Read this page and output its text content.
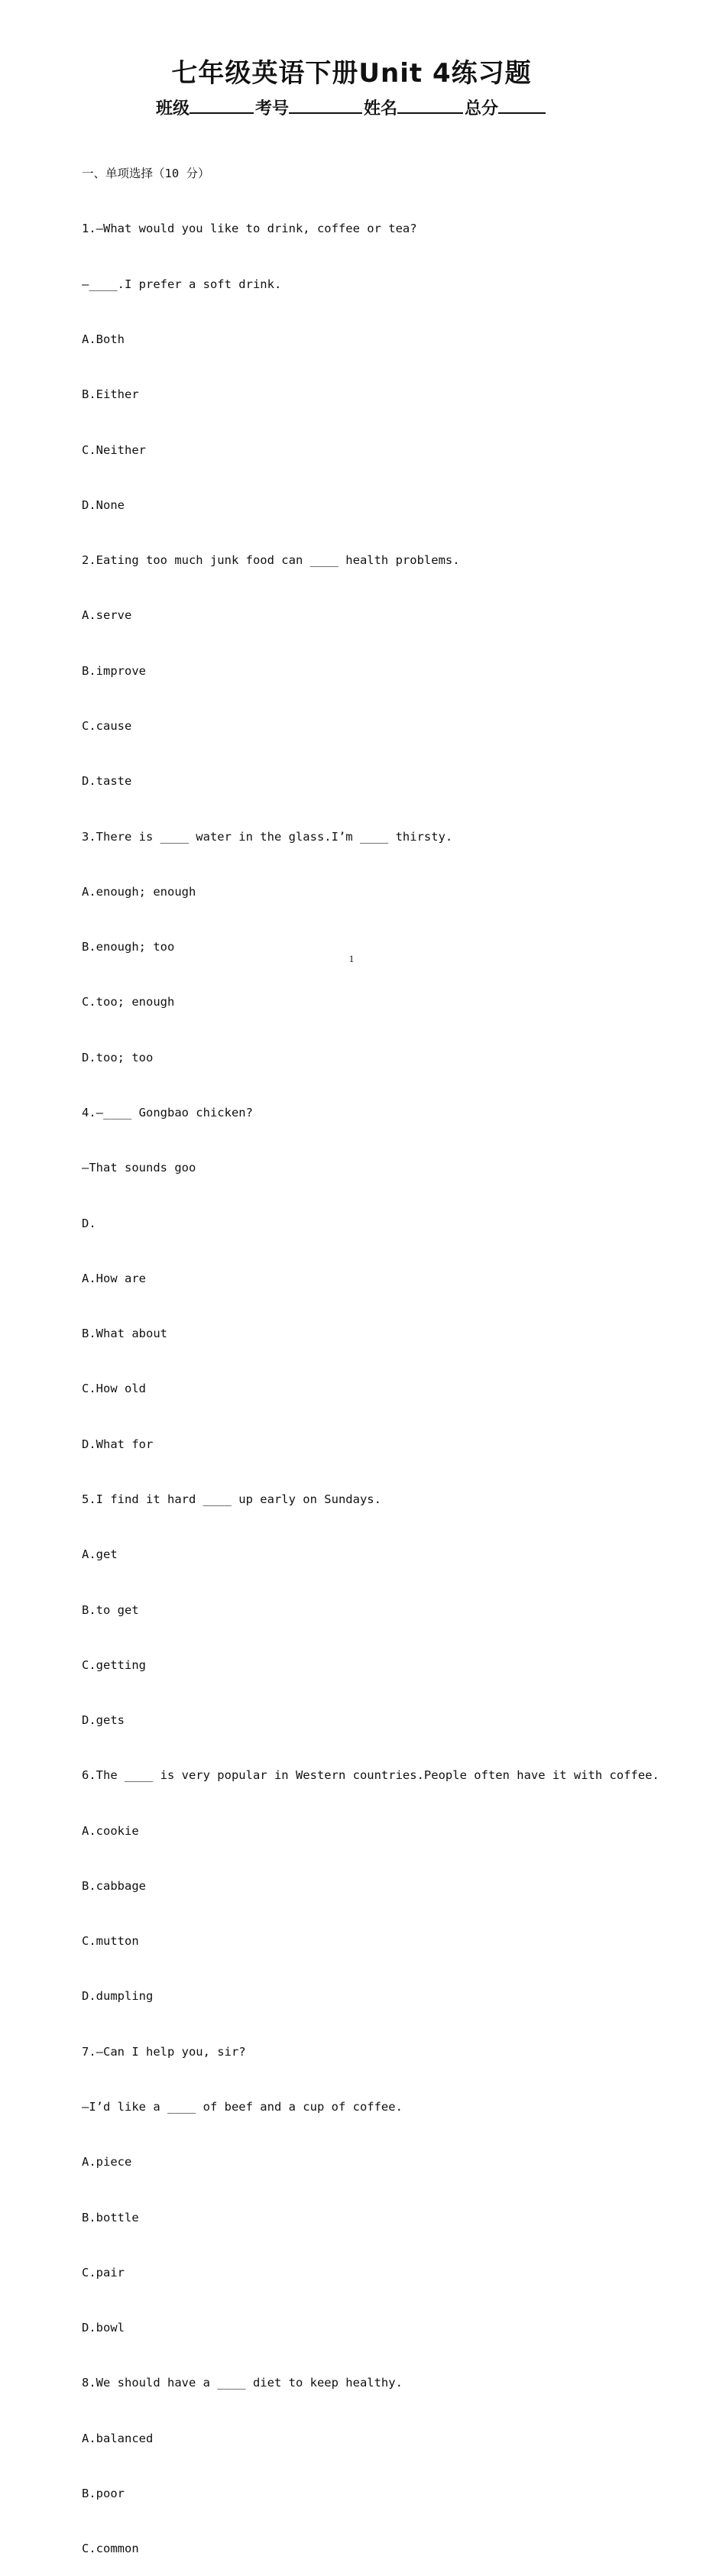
七年级英语下册Unit 4练习题
班级	考号	姓名	总分

一、单项选择（10 分）

1.—What would you like to drink, coffee or tea?

—____.I prefer a soft drink.

A.Both

B.Either

C.Neither

D.None

2.Eating too much junk food can ____ health problems.

A.serve

B.improve

C.cause

D.taste

3.There is ____ water in the glass.I’m ____ thirsty.

A.enough; enough

B.enough; too

C.too; enough

D.too; too

4.—____ Gongbao chicken?

—That sounds goo

D.

A.How are

B.What about

C.How old

D.What for

5.I find it hard ____ up early on Sundays.

A.get

B.to get

C.getting

D.gets

6.The ____ is very popular in Western countries.People often have it with coffee.

A.cookie

B.cabbage

C.mutton

D.dumpling

7.—Can I help you, sir?

—I’d like a ____ of beef and a cup of coffee.

A.piece

B.bottle

C.pair

D.bowl

8.We should have a ____ diet to keep healthy.

A.balanced

B.poor

C.common

1
